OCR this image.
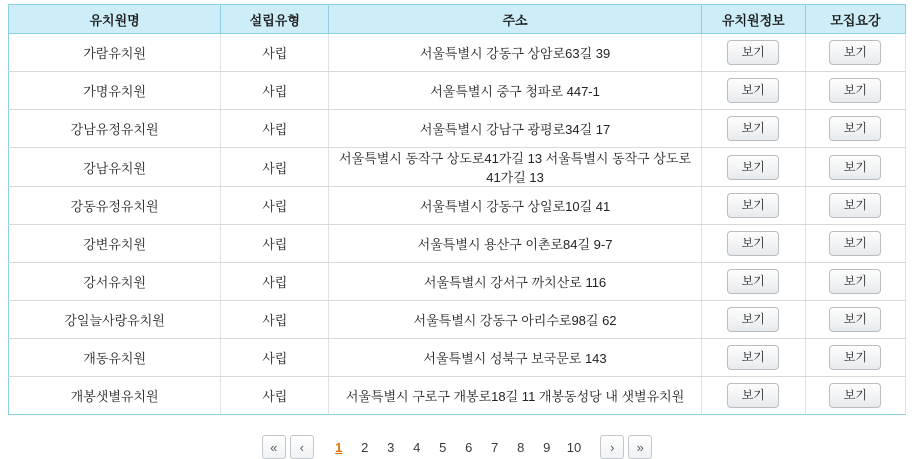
유치원명	설립유형	주소	유치원정보	모집요강
가람유치원	사립	서울특별시 강동구 상암로63길 39	보기	보기
가명유치원	사립	서울특별시 중구 청파로 447-1	보기	보기
강남유정유치원	사립	서울특별시 강남구 광평로34길 17	보기	보기
강남유치원	사립	서울특별시 동작구 상도로41가길 13 서울특별시 동작구 상도로 41가길 13	보기	보기
강동유정유치원	사립	서울특별시 강동구 상일로10길 41	보기	보기
강변유치원	사립	서울특별시 용산구 이촌로84길 9-7	보기	보기
강서유치원	사립	서울특별시 강서구 까치산로 116	보기	보기
강일늘사랑유치원	사립	서울특별시 강동구 아리수로98길 62	보기	보기
개동유치원	사립	서울특별시 성북구 보국문로 143	보기	보기
개봉샛별유치원	사립	서울특별시 구로구 개봉로18길 11 개봉동성당 내 샛별유치원	보기	보기
«	‹	1	2	3	4	5	6	7	8	9	10	›	»
